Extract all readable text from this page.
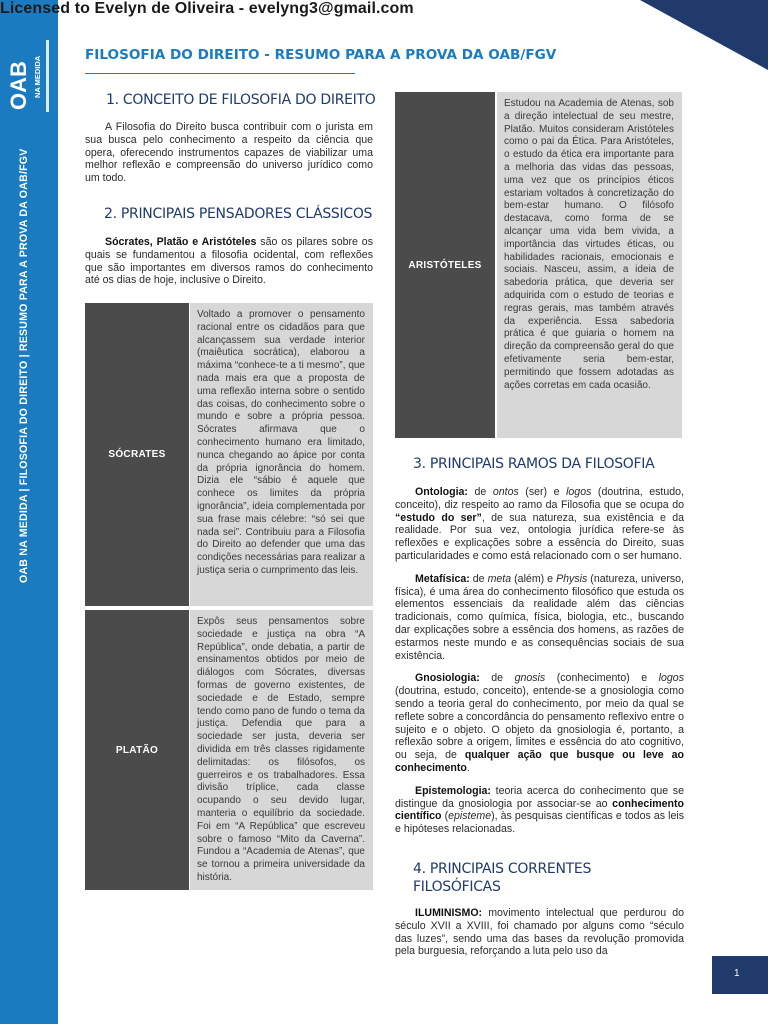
Licensed to Evelyn de Oliveira - evelyng3@gmail.com
OAB NA MEDIDA
OAB NA MEDIDA | FILOSOFIA DO DIREITO | RESUMO PARA A PROVA DA OAB/FGV
FILOSOFIA DO DIREITO - RESUMO PARA A PROVA DA OAB/FGV
1. CONCEITO DE FILOSOFIA DO DIREITO

A Filosofia do Direito busca contribuir com o jurista em sua busca pelo conhecimento a respeito da ciência que opera, oferecendo instrumentos capazes de viabilizar uma melhor reflexão e compreensão do universo jurídico como um todo.

2. PRINCIPAIS PENSADORES CLÁSSICOS

Sócrates, Platão e Aristóteles são os pilares sobre os quais se fundamentou a filosofia ocidental, com reflexões que são importantes em diversos ramos do conhecimento até os dias de hoje, inclusive o Direito.

SÓCRATES
Voltado a promover o pensamento racional entre os cidadãos para que alcançassem sua verdade interior (maiêutica socrática), elaborou a máxima “conhece-te a ti mesmo”, que nada mais era que a proposta de uma reflexão interna sobre o sentido das coisas, do conhecimento sobre o mundo e sobre a própria pessoa. Sócrates afirmava que o conhecimento humano era limitado, nunca chegando ao ápice por conta da própria ignorância do homem. Dizia ele “sábio é aquele que conhece os limites da própria ignorância”, ideia complementada por sua frase mais célebre: “só sei que nada sei”. Contribuiu para a Filosofia do Direito ao defender que uma das condições necessárias para realizar a justiça seria o cumprimento das leis.
PLATÃO
Expôs seus pensamentos sobre sociedade e justiça na obra “A República”, onde debatia, a partir de ensinamentos obtidos por meio de diálogos com Sócrates, diversas formas de governo existentes, de sociedade e de Estado, sempre tendo como pano de fundo o tema da justiça. Defendia que para a sociedade ser justa, deveria ser dividida em três classes rigidamente delimitadas: os filósofos, os guerreiros e os trabalhadores. Essa divisão tríplice, cada classe ocupando o seu devido lugar, manteria o equilíbrio da sociedade. Foi em “A República” que escreveu sobre o famoso “Mito da Caverna”. Fundou a “Academia de Atenas”, que se tornou a primeira universidade da história.
ARISTÓTELES
Estudou na Academia de Atenas, sob a direção intelectual de seu mestre, Platão. Muitos consideram Aristóteles como o pai da Ética. Para Aristóteles, o estudo da ética era importante para a melhoria das vidas das pessoas, uma vez que os princípios éticos estariam voltados à concretização do bem-estar humano. O filósofo destacava, como forma de se alcançar uma vida bem vivida, a importância das virtudes éticas, ou habilidades racionais, emocionais e sociais. Nasceu, assim, a ideia de sabedoria prática, que deveria ser adquirida com o estudo de teorias e regras gerais, mas também através da experiência. Essa sabedoria prática é que guiaria o homem na direção da compreensão geral do que efetivamente seria bem-estar, permitindo que fossem adotadas as ações corretas em cada ocasião.
3. PRINCIPAIS RAMOS DA FILOSOFIA

Ontologia: de ontos (ser) e logos (doutrina, estudo, conceito), diz respeito ao ramo da Filosofia que se ocupa do “estudo do ser”, de sua natureza, sua existência e da realidade. Por sua vez, ontologia jurídica refere-se às reflexões e explicações sobre a essência do Direito, suas particularidades e como está relacionado com o ser humano.

Metafísica: de meta (além) e Physis (natureza, universo, física), é uma área do conhecimento filosófico que estuda os elementos essenciais da realidade além das ciências tradicionais, como química, física, biologia, etc., buscando dar explicações sobre a essência dos homens, as razões de estarmos neste mundo e as consequências sociais de sua existência.

Gnosiologia: de gnosis (conhecimento) e logos (doutrina, estudo, conceito), entende-se a gnosiologia como sendo a teoria geral do conhecimento, por meio da qual se reflete sobre a concordância do pensamento reflexivo entre o sujeito e o objeto. O objeto da gnosiologia é, portanto, a reflexão sobre a origem, limites e essência do ato cognitivo, ou seja, de qualquer ação que busque ou leve ao conhecimento.

Epistemologia: teoria acerca do conhecimento que se distingue da gnosiologia por associar-se ao conhecimento científico (episteme), às pesquisas científicas e todos as leis e hipóteses relacionadas.

4. PRINCIPAIS CORRENTES FILOSÓFICAS

ILUMINISMO: movimento intelectual que perdurou do século XVII a XVIII, foi chamado por alguns como “século das luzes”, sendo uma das bases da revolução promovida pela burguesia, reforçando a luta pelo uso da

1
